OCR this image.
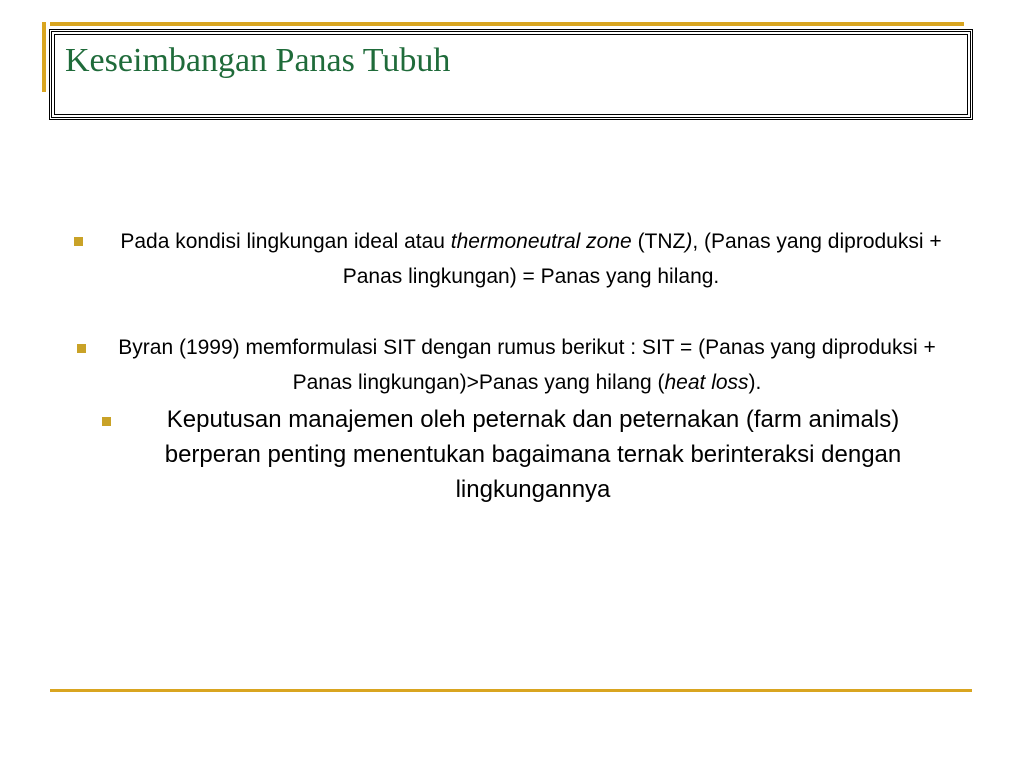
Keseimbangan Panas Tubuh
Pada kondisi lingkungan ideal atau thermoneutral zone (TNZ), (Panas yang diproduksi + Panas lingkungan) = Panas yang hilang.
Byran (1999) memformulasi SIT dengan rumus berikut : SIT = (Panas yang diproduksi + Panas lingkungan)>Panas yang hilang (heat loss).
Keputusan manajemen oleh peternak dan peternakan (farm animals) berperan penting menentukan bagaimana ternak berinteraksi dengan lingkungannya
